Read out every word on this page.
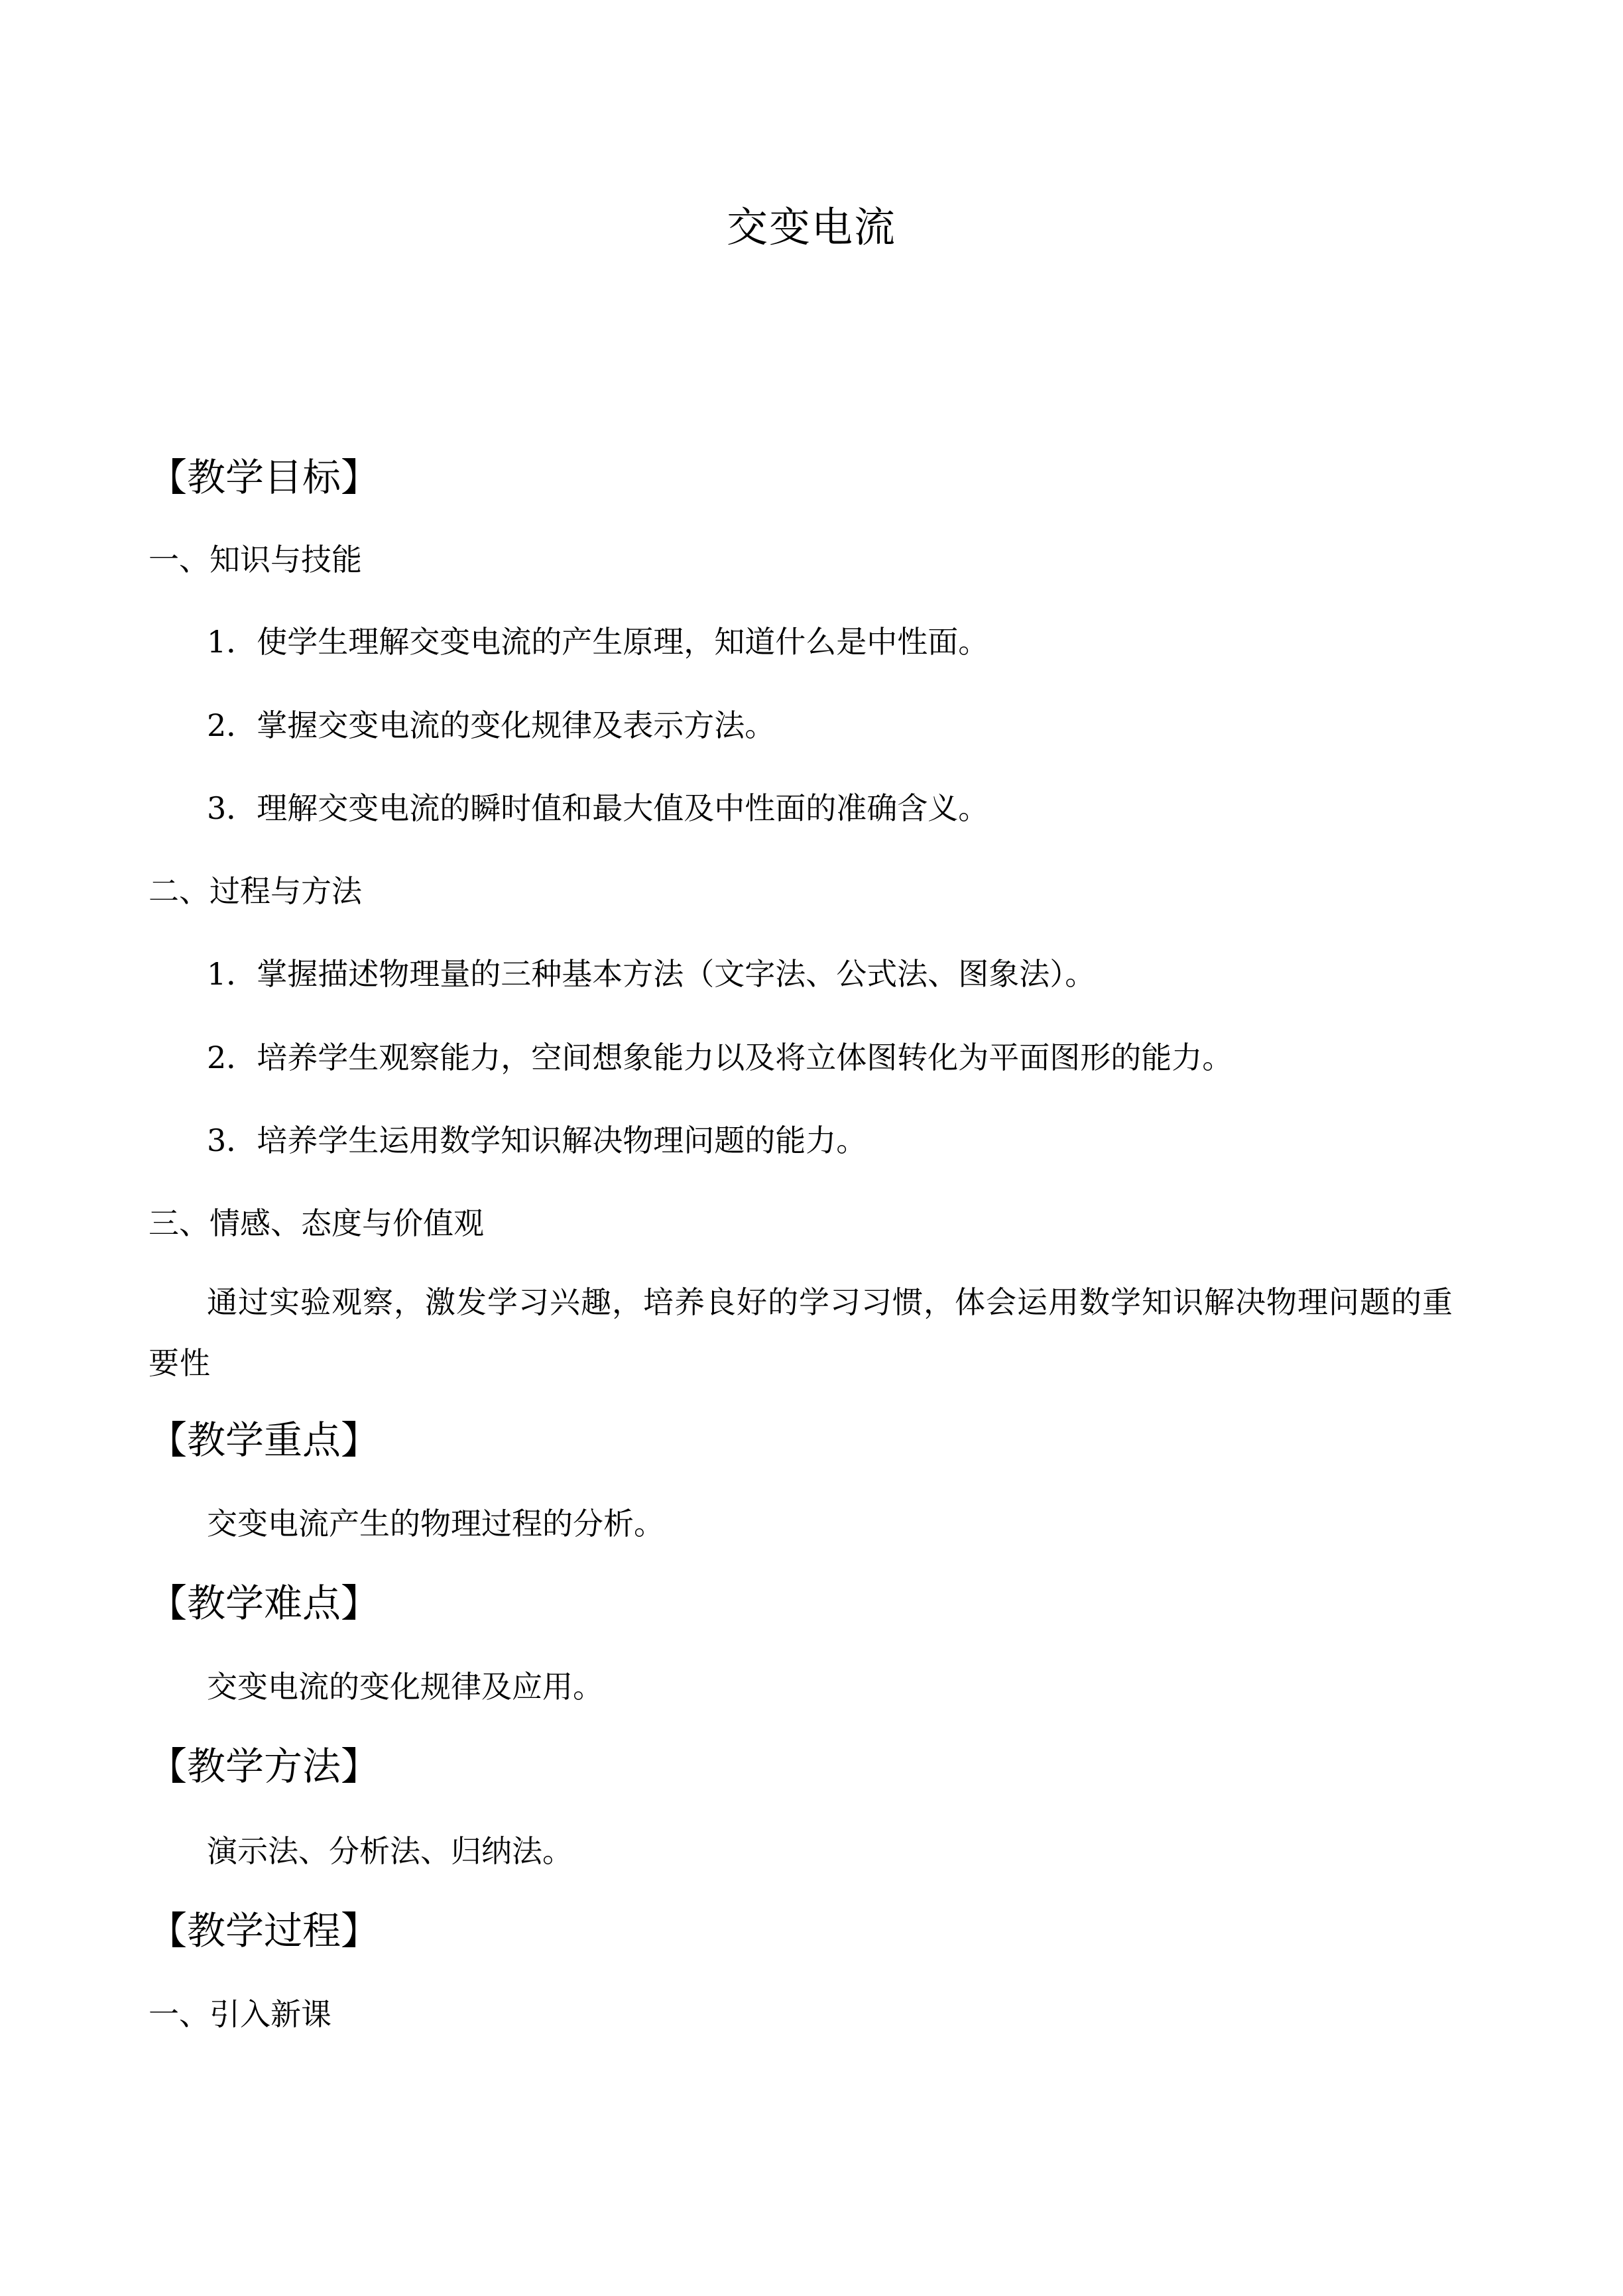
交变电流
【教学目标】
一、知识与技能
1．使学生理解交变电流的产生原理，知道什么是中性面。
2．掌握交变电流的变化规律及表示方法。
3．理解交变电流的瞬时值和最大值及中性面的准确含义。
二、过程与方法
1．掌握描述物理量的三种基本方法（文字法、公式法、图象法）。
2．培养学生观察能力，空间想象能力以及将立体图转化为平面图形的能力。
3．培养学生运用数学知识解决物理问题的能力。
三、情感、态度与价值观
通过实验观察，激发学习兴趣，培养良好的学习习惯，体会运用数学知识解决物理问题的重要性
【教学重点】
交变电流产生的物理过程的分析。
【教学难点】
交变电流的变化规律及应用。
【教学方法】
演示法、分析法、归纳法。
【教学过程】
一、引入新课
